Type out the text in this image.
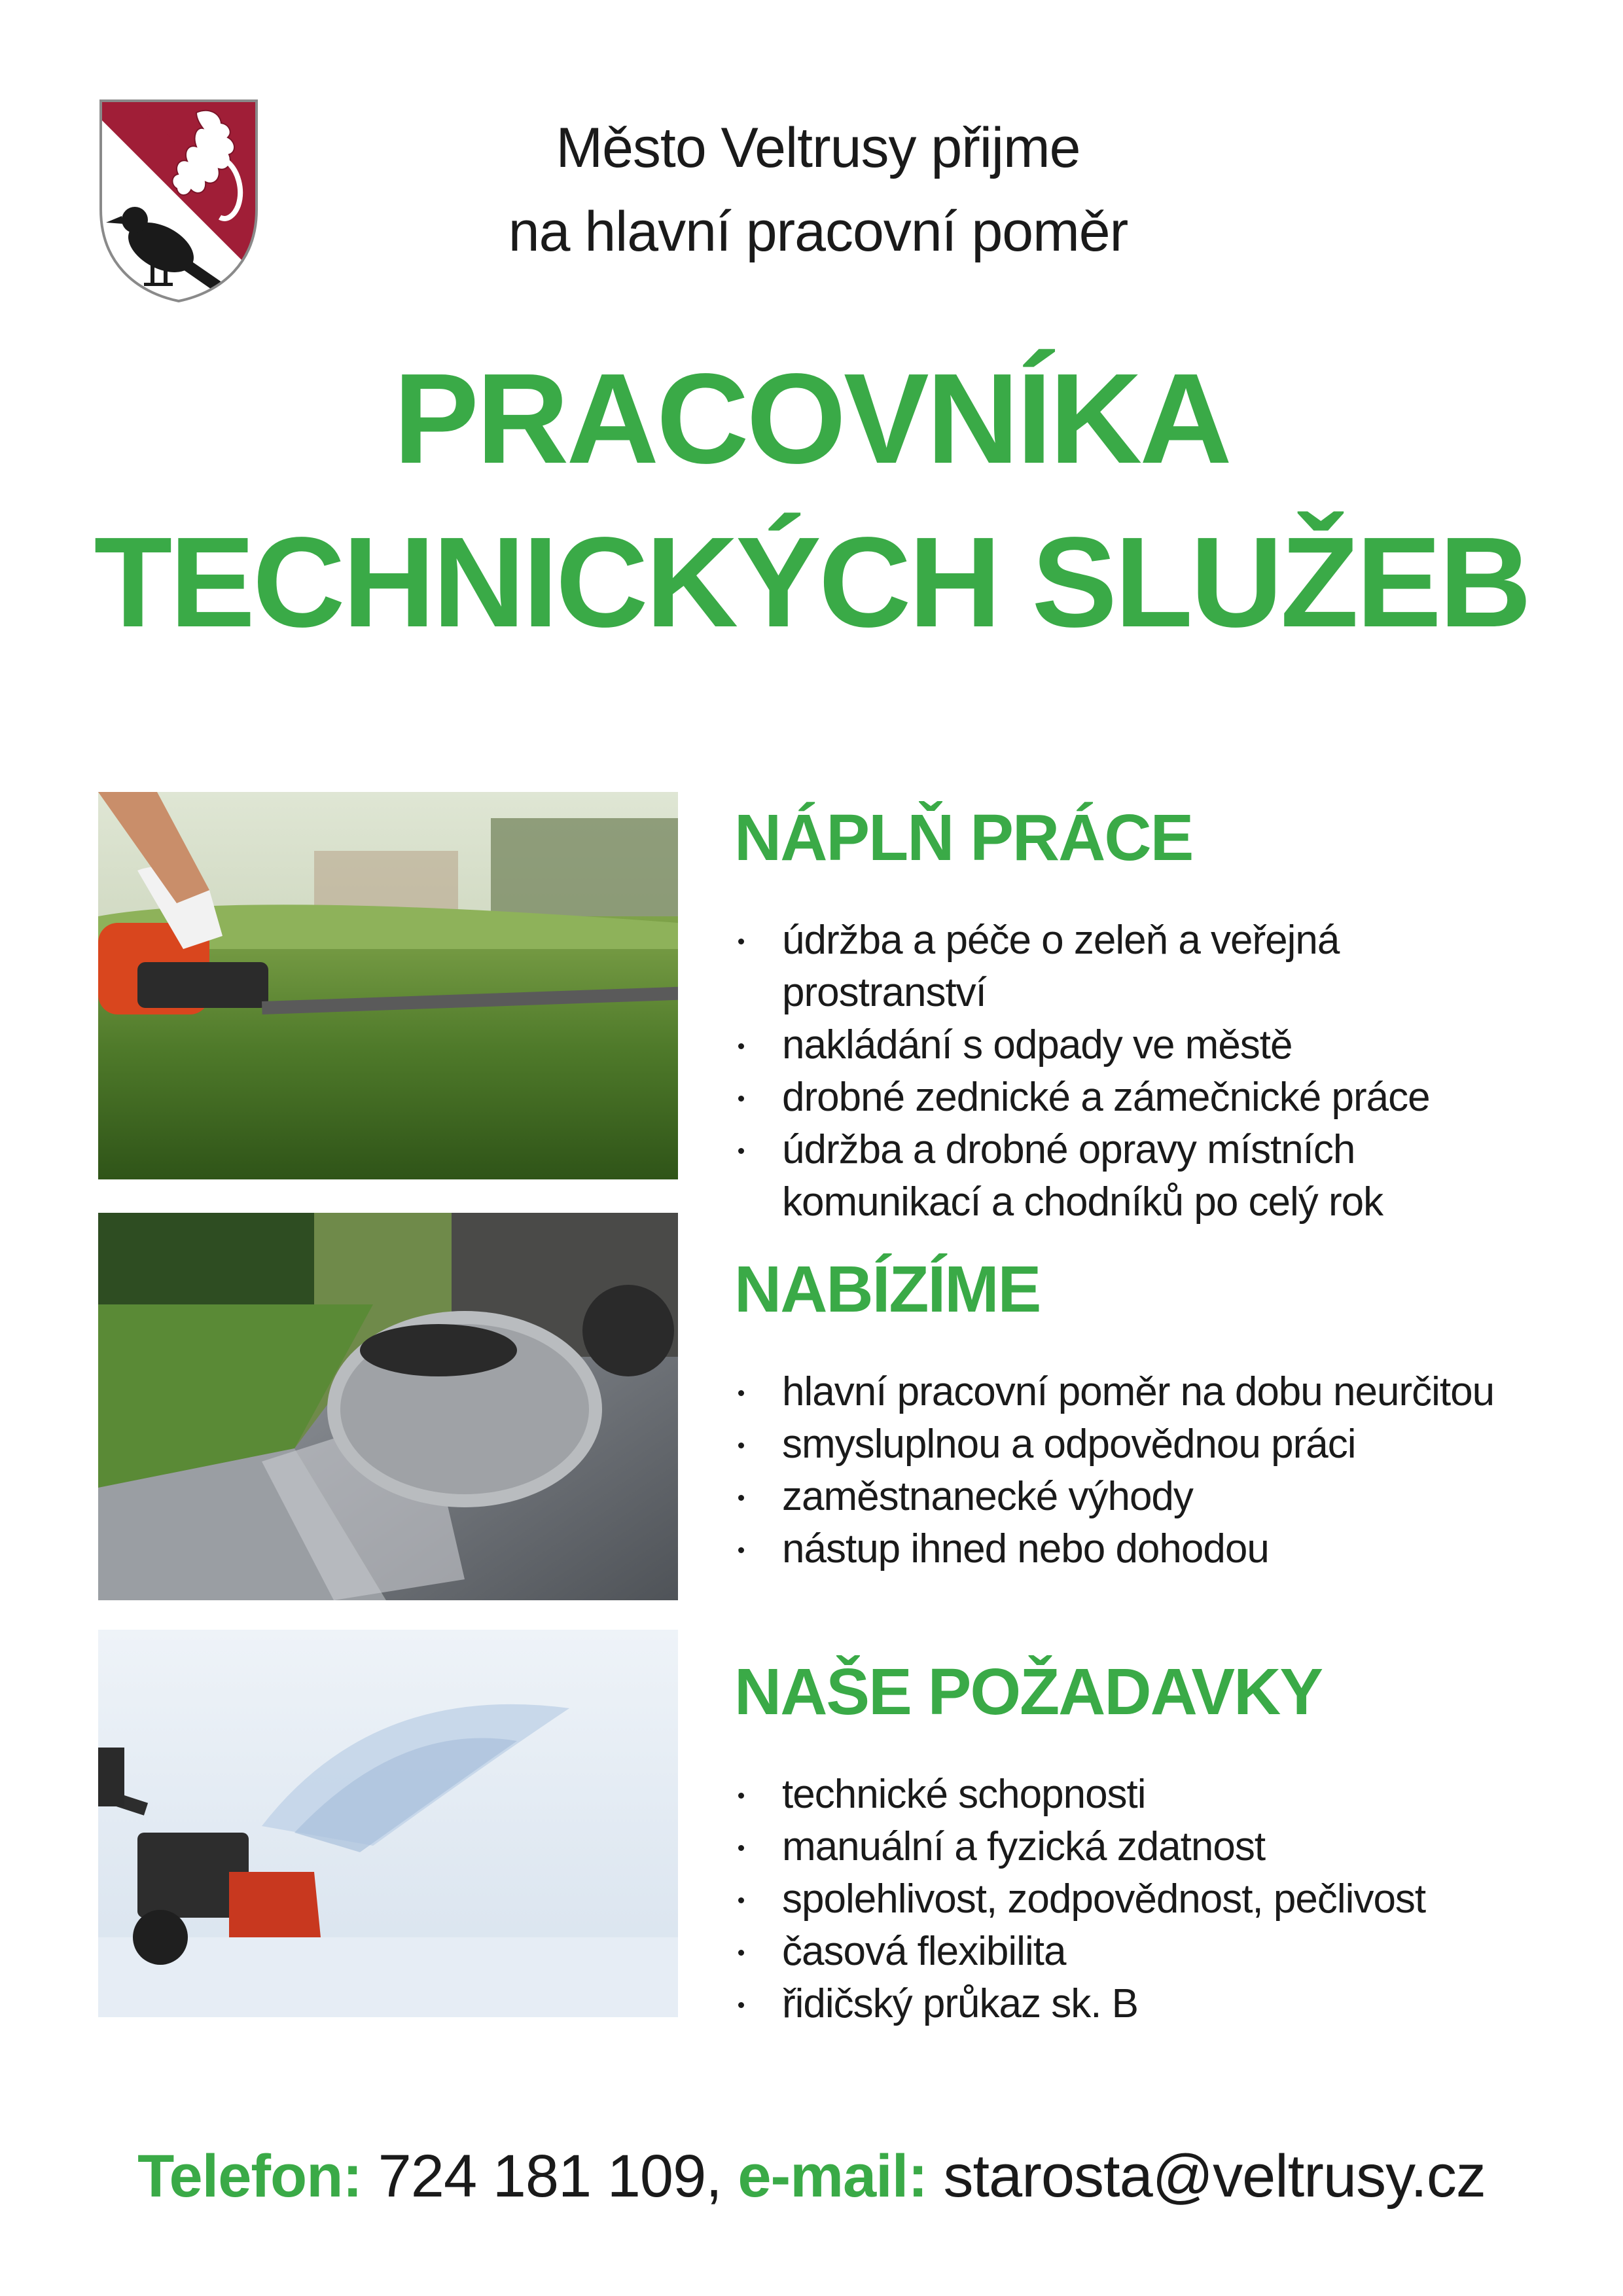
Město Veltrusy přijme
na hlavní pracovní poměr
PRACOVNÍKA
TECHNICKÝCH SLUŽEB
NÁPLŇ PRÁCE
údržba a péče o zeleň a veřejná prostranství
nakládání s odpady ve městě
drobné zednické a zámečnické práce
údržba a drobné opravy místních komunikací a chodníků po celý rok
NABÍZÍME
hlavní pracovní poměr na dobu neurčitou
smysluplnou a odpovědnou práci
zaměstnanecké výhody
nástup ihned nebo dohodou
NAŠE POŽADAVKY
technické schopnosti
manuální a fyzická zdatnost
spolehlivost, zodpovědnost, pečlivost
časová flexibilita
řidičský průkaz sk. B
Telefon: 724 181 109, e-mail: starosta@veltrusy.cz
